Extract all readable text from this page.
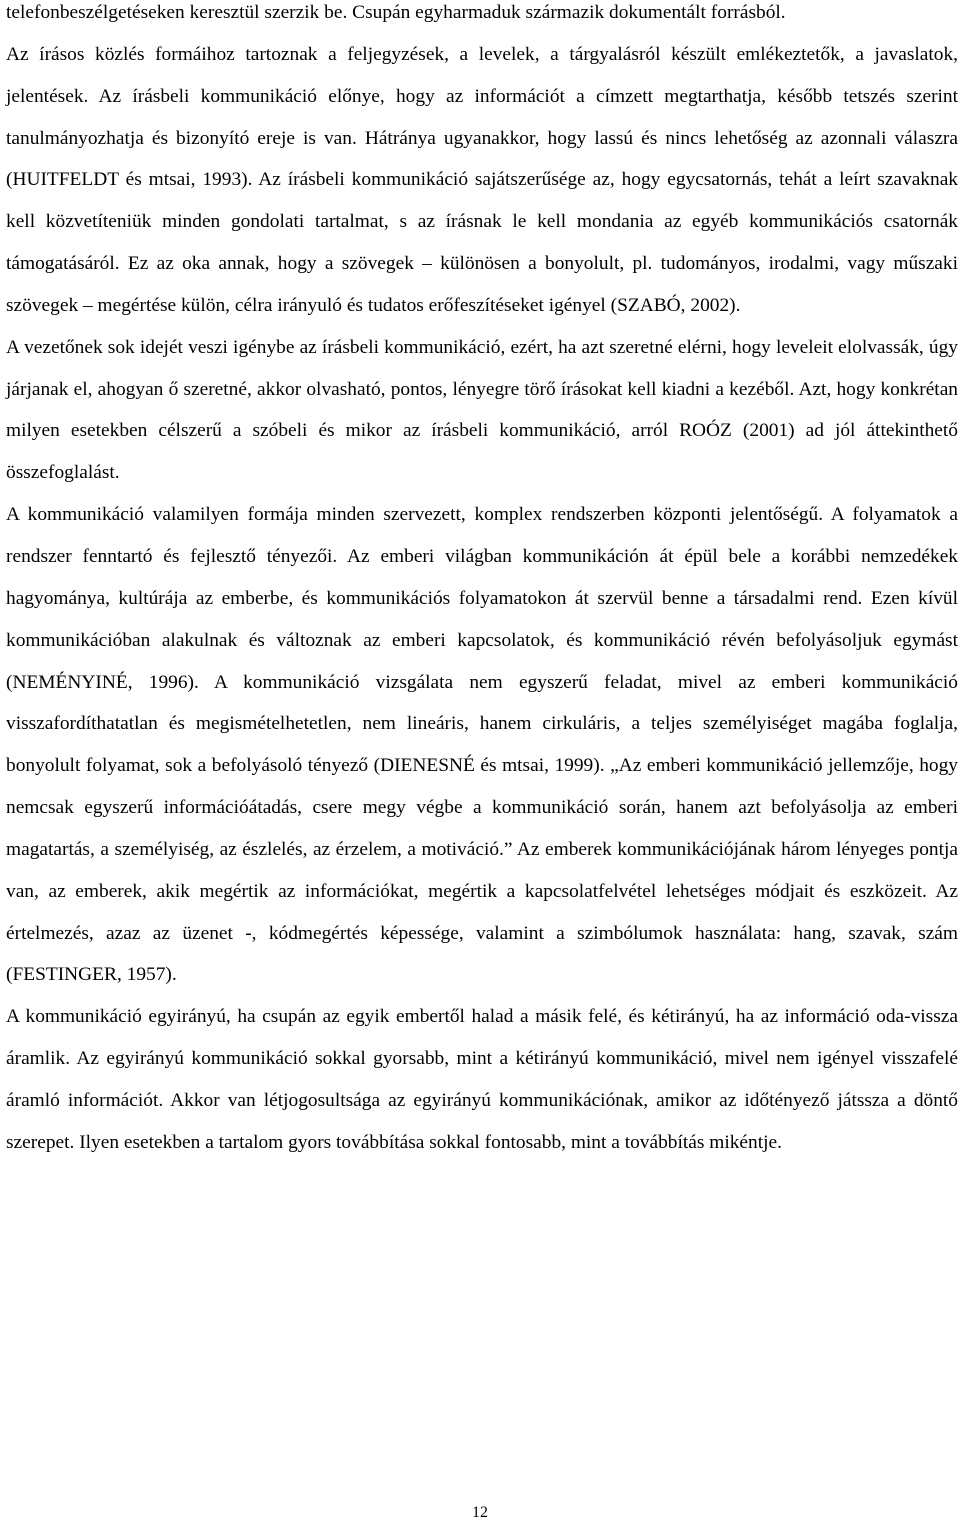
telefonbeszélgetéseken keresztül szerzik be. Csupán egyharmaduk származik dokumentált forrásból.

Az írásos közlés formáihoz tartoznak a feljegyzések, a levelek, a tárgyalásról készült emlékeztetők, a javaslatok, jelentések. Az írásbeli kommunikáció előnye, hogy az információt a címzett megtarthatja, később tetszés szerint tanulmányozhatja és bizonyító ereje is van. Hátránya ugyanakkor, hogy lassú és nincs lehetőség az azonnali válaszra (HUITFELDT és mtsai, 1993). Az írásbeli kommunikáció sajátszerűsége az, hogy egycsatornás, tehát a leírt szavaknak kell közvetíteniük minden gondolati tartalmat, s az írásnak le kell mondania az egyéb kommunikációs csatornák támogatásáról. Ez az oka annak, hogy a szövegek – különösen a bonyolult, pl. tudományos, irodalmi, vagy műszaki szövegek – megértése külön, célra irányuló és tudatos erőfeszítéseket igényel (SZABÓ, 2002).

A vezetőnek sok idejét veszi igénybe az írásbeli kommunikáció, ezért, ha azt szeretné elérni, hogy leveleit elolvassák, úgy járjanak el, ahogyan ő szeretné, akkor olvasható, pontos, lényegre törő írásokat kell kiadni a kezéből. Azt, hogy konkrétan milyen esetekben célszerű a szóbeli és mikor az írásbeli kommunikáció, arról ROÓZ (2001) ad jól áttekinthető összefoglalást.

A kommunikáció valamilyen formája minden szervezett, komplex rendszerben központi jelentőségű. A folyamatok a rendszer fenntartó és fejlesztő tényezői. Az emberi világban kommunikáción át épül bele a korábbi nemzedékek hagyománya, kultúrája az emberbe, és kommunikációs folyamatokon át szervül benne a társadalmi rend. Ezen kívül kommunikációban alakulnak és változnak az emberi kapcsolatok, és kommunikáció révén befolyásoljuk egymást (NEMÉNYINÉ, 1996). A kommunikáció vizsgálata nem egyszerű feladat, mivel az emberi kommunikáció visszafordíthatatlan és megismételhetetlen, nem lineáris, hanem cirkuláris, a teljes személyiséget magába foglalja, bonyolult folyamat, sok a befolyásoló tényező (DIENESNÉ és mtsai, 1999). „Az emberi kommunikáció jellemzője, hogy nemcsak egyszerű információátadás, csere megy végbe a kommunikáció során, hanem azt befolyásolja az emberi magatartás, a személyiség, az észlelés, az érzelem, a motiváció.” Az emberek kommunikációjának három lényeges pontja van, az emberek, akik megértik az információkat, megértik a kapcsolatfelvétel lehetséges módjait és eszközeit. Az értelmezés, azaz az üzenet -, kódmegértés képessége, valamint a szimbólumok használata: hang, szavak, szám (FESTINGER, 1957).

A kommunikáció egyirányú, ha csupán az egyik embertől halad a másik felé, és kétirányú, ha az információ oda-vissza áramlik. Az egyirányú kommunikáció sokkal gyorsabb, mint a kétirányú kommunikáció, mivel nem igényel visszafelé áramló információt. Akkor van létjogosultsága az egyirányú kommunikációnak, amikor az időtényező játssza a döntő szerepet. Ilyen esetekben a tartalom gyors továbbítása sokkal fontosabb, mint a továbbítás mikéntje.

12
